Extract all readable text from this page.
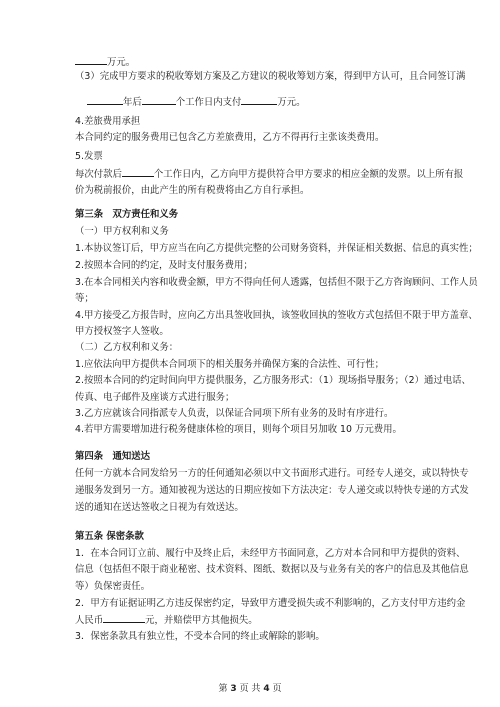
万元。
（3）完成甲方要求的税收筹划方案及乙方建议的税收筹划方案，得到甲方认可，且合同签订满
年后	个工作日内支付	万元。
4.差旅费用承担
本合同约定的服务费用已包含乙方差旅费用，乙方不得再行主张该类费用。
5.发票
每次付款后	个工作日内，乙方向甲方提供符合甲方要求的相应金额的发票。以上所有报
价为税前报价，由此产生的所有税费将由乙方自行承担。
第三条　双方责任和义务
（一）甲方权利和义务
1.本协议签订后，甲方应当在向乙方提供完整的公司财务资料，并保证相关数据、信息的真实性；
2.按照本合同的约定，及时支付服务费用；
3.在本合同相关内容和收费金额，甲方不得向任何人透露，包括但不限于乙方咨询顾问、工作人员
等；
4.甲方接受乙方报告时，应向乙方出具签收回执，该签收回执的签收方式包括但不限于甲方盖章、
甲方授权签字人签收。
（二）乙方权利和义务：
1.应依法向甲方提供本合同项下的相关服务并确保方案的合法性、可行性；
2.按照本合同的约定时间向甲方提供服务，乙方服务形式：（1）现场指导服务；（2）通过电话、
传真、电子邮件及座谈方式进行服务；
3.乙方应就该合同指派专人负责，以保证合同项下所有业务的及时有序进行。
4.若甲方需要增加进行税务健康体检的项目，则每个项目另加收 10 万元费用。
第四条　通知送达
任何一方就本合同发给另一方的任何通知必须以中文书面形式进行。可经专人递交，或以特快专
递服务发到另一方。通知被视为送达的日期应按如下方法决定：专人递交或以特快专递的方式发
送的通知在送达签收之日视为有效送达。
第五条 保密条款
1．在本合同订立前、履行中及终止后，未经甲方书面同意，乙方对本合同和甲方提供的资料、
信息（包括但不限于商业秘密、技术资料、图纸、数据以及与业务有关的客户的信息及其他信息
等）负保密责任。
2．甲方有证据证明乙方违反保密约定，导致甲方遭受损失或不利影响的，乙方支付甲方违约金
人民币	元，并赔偿甲方其他损失。
3．保密条款具有独立性，不受本合同的终止或解除的影响。
第 3 页 共 4 页
